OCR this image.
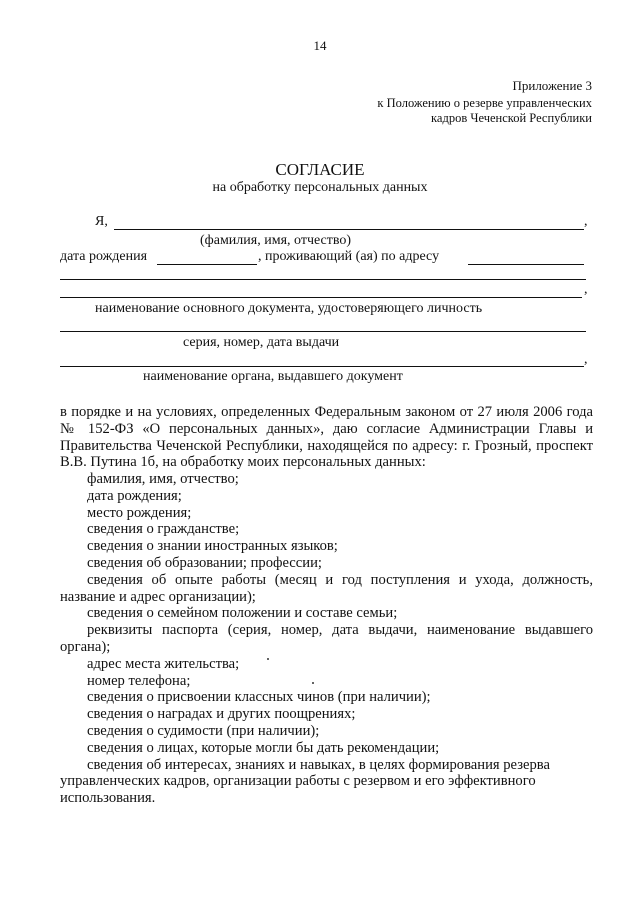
14
Приложение 3
к Положению о резерве управленческих
кадров Чеченской Республики
СОГЛАСИЕ
на обработку персональных данных
Я,	,
(фамилия, имя, отчество)
дата рождения	, проживающий (ая) по адресу
,
наименование основного документа, удостоверяющего личность
серия, номер, дата выдачи
,
наименование органа, выдавшего документ
в порядке и на условиях, определенных Федеральным законом от 27 июля 2006 года № 152-ФЗ «О персональных данных», даю согласие Администрации Главы и Правительства Чеченской Республики, находящейся по адресу: г. Грозный, проспект В.В. Путина 1б, на обработку моих персональных данных:
фамилия, имя, отчество;
дата рождения;
место рождения;
сведения о гражданстве;
сведения о знании иностранных языков;
сведения об образовании; профессии;
сведения об опыте работы (месяц и год поступления и ухода, должность, название и адрес организации);
сведения о семейном положении и составе семьи;
реквизиты паспорта (серия, номер, дата выдачи, наименование выдавшего органа);
адрес места жительства;
номер телефона;
сведения о присвоении классных чинов (при наличии);
сведения о наградах и других поощрениях;
сведения о судимости (при наличии);
сведения о лицах, которые могли бы дать рекомендации;
сведения об интересах, знаниях и навыках, в целях формирования резерва управленческих кадров, организации работы с резервом и его эффективного использования.
